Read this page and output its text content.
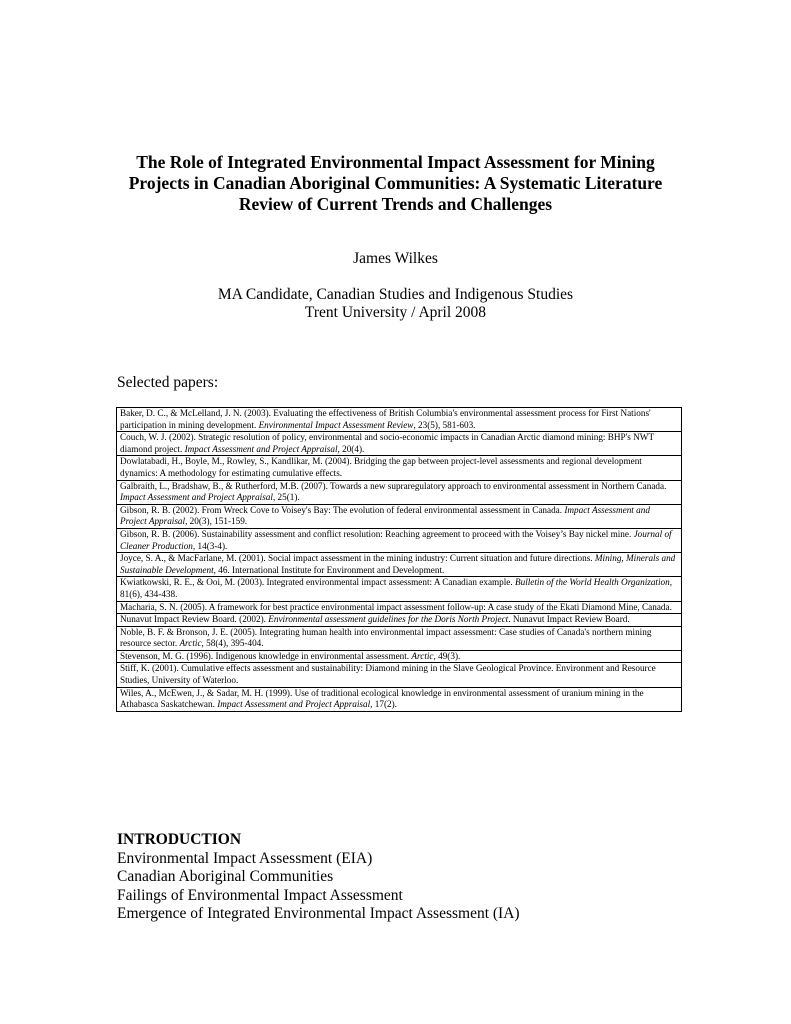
The Role of Integrated Environmental Impact Assessment for Mining
Projects in Canadian Aboriginal Communities: A Systematic Literature
Review of Current Trends and Challenges
James Wilkes
MA Candidate, Canadian Studies and Indigenous Studies
Trent University / April 2008
Selected papers:
Baker, D. C., & McLelland, J. N. (2003). Evaluating the effectiveness of British Columbia's environmental assessment process for First Nations' participation in mining development. Environmental Impact Assessment Review, 23(5), 581-603.
Couch, W. J. (2002). Strategic resolution of policy, environmental and socio-economic impacts in Canadian Arctic diamond mining: BHP's NWT diamond project. Impact Assessment and Project Appraisal, 20(4).
Dowlatabadi, H., Boyle, M., Rowley, S., Kandlikar, M. (2004). Bridging the gap between project-level assessments and regional development dynamics: A methodology for estimating cumulative effects.
Galbraith, L., Bradshaw, B., & Rutherford, M.B. (2007). Towards a new supraregulatory approach to environmental assessment in Northern Canada. Impact Assessment and Project Appraisal, 25(1).
Gibson, R. B. (2002). From Wreck Cove to Voisey's Bay: The evolution of federal environmental assessment in Canada. Impact Assessment and Project Appraisal, 20(3), 151-159.
Gibson, R. B. (2006). Sustainability assessment and conflict resolution: Reaching agreement to proceed with the Voisey’s Bay nickel mine. Journal of Cleaner Production, 14(3-4).
Joyce, S. A., & MacFarlane, M. (2001). Social impact assessment in the mining industry: Current situation and future directions. Mining, Minerals and Sustainable Development, 46. International Institute for Environment and Development.
Kwiatkowski, R. E., & Ooi, M. (2003). Integrated environmental impact assessment: A Canadian example. Bulletin of the World Health Organization, 81(6), 434-438.
Macharia, S. N. (2005). A framework for best practice environmental impact assessment follow-up: A case study of the Ekati Diamond Mine, Canada.
Nunavut Impact Review Board. (2002). Environmental assessment guidelines for the Doris North Project. Nunavut Impact Review Board.
Noble, B. F. & Bronson, J. E. (2005). Integrating human health into environmental impact assessment: Case studies of Canada's northern mining resource sector. Arctic, 58(4), 395-404.
Stevenson, M. G. (1996). Indigenous knowledge in environmental assessment. Arctic, 49(3).
Stiff, K. (2001). Cumulative effects assessment and sustainability: Diamond mining in the Slave Geological Province. Environment and Resource Studies, University of Waterloo.
Wiles, A., McEwen, J., & Sadar, M. H. (1999). Use of traditional ecological knowledge in environmental assessment of uranium mining in the Athabasca Saskatchewan. Impact Assessment and Project Appraisal, 17(2).
INTRODUCTION
Environmental Impact Assessment (EIA)
Canadian Aboriginal Communities
Failings of Environmental Impact Assessment
Emergence of Integrated Environmental Impact Assessment (IA)
